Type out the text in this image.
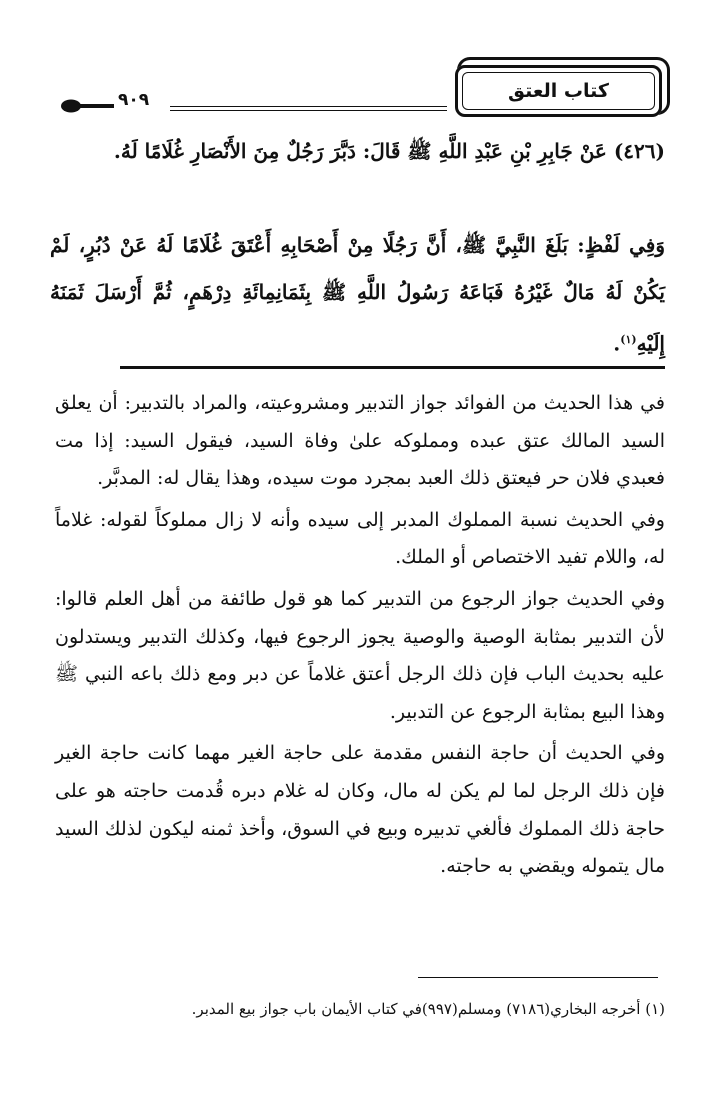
كتاب العتق
٩٠٩
(٤٢٦) عَنْ جَابِرِ بْنِ عَبْدِ اللَّهِ ﷺ قَالَ: دَبَّرَ رَجُلٌ مِنَ الأَنْصَارِ غُلَامًا لَهُ.
وَفِي لَفْظٍ: بَلَغَ النَّبِيَّ ﷺ، أَنَّ رَجُلًا مِنْ أَصْحَابِهِ أَعْتَقَ غُلَامًا لَهُ عَنْ دُبُرٍ، لَمْ يَكُنْ لَهُ مَالٌ غَيْرُهُ فَبَاعَهُ رَسُولُ اللَّهِ ﷺ بِثَمَانِمِائَةِ دِرْهَمٍ، ثُمَّ أَرْسَلَ ثَمَنَهُ إِلَيْهِ$^{(١)}$.

في هذا الحديث من الفوائد جواز التدبير ومشروعيته، والمراد بالتدبير: أن يعلق السيد المالك عتق عبده ومملوكه علىٰ وفاة السيد، فيقول السيد: إذا مت فعبدي فلان حر فيعتق ذلك العبد بمجرد موت سيده، وهذا يقال له: المدبَّر.

وفي الحديث نسبة المملوك المدبر إلى سيده وأنه لا زال مملوكاً لقوله: غلاماً له، واللام تفيد الاختصاص أو الملك.

وفي الحديث جواز الرجوع من التدبير كما هو قول طائفة من أهل العلم قالوا: لأن التدبير بمثابة الوصية والوصية يجوز الرجوع فيها، وكذلك التدبير ويستدلون عليه بحديث الباب فإن ذلك الرجل أعتق غلاماً عن دبر ومع ذلك باعه النبي ﷺ وهذا البيع بمثابة الرجوع عن التدبير.

وفي الحديث أن حاجة النفس مقدمة على حاجة الغير مهما كانت حاجة الغير فإن ذلك الرجل لما لم يكن له مال، وكان له غلام دبره قُدمت حاجته هو على حاجة ذلك المملوك فألغي تدبيره وبيع في السوق، وأخذ ثمنه ليكون لذلك السيد مال يتموله ويقضي به حاجته.

(١) أخرجه البخاري(٧١٨٦) ومسلم(٩٩٧)في كتاب الأيمان باب جواز بيع المدبر.
